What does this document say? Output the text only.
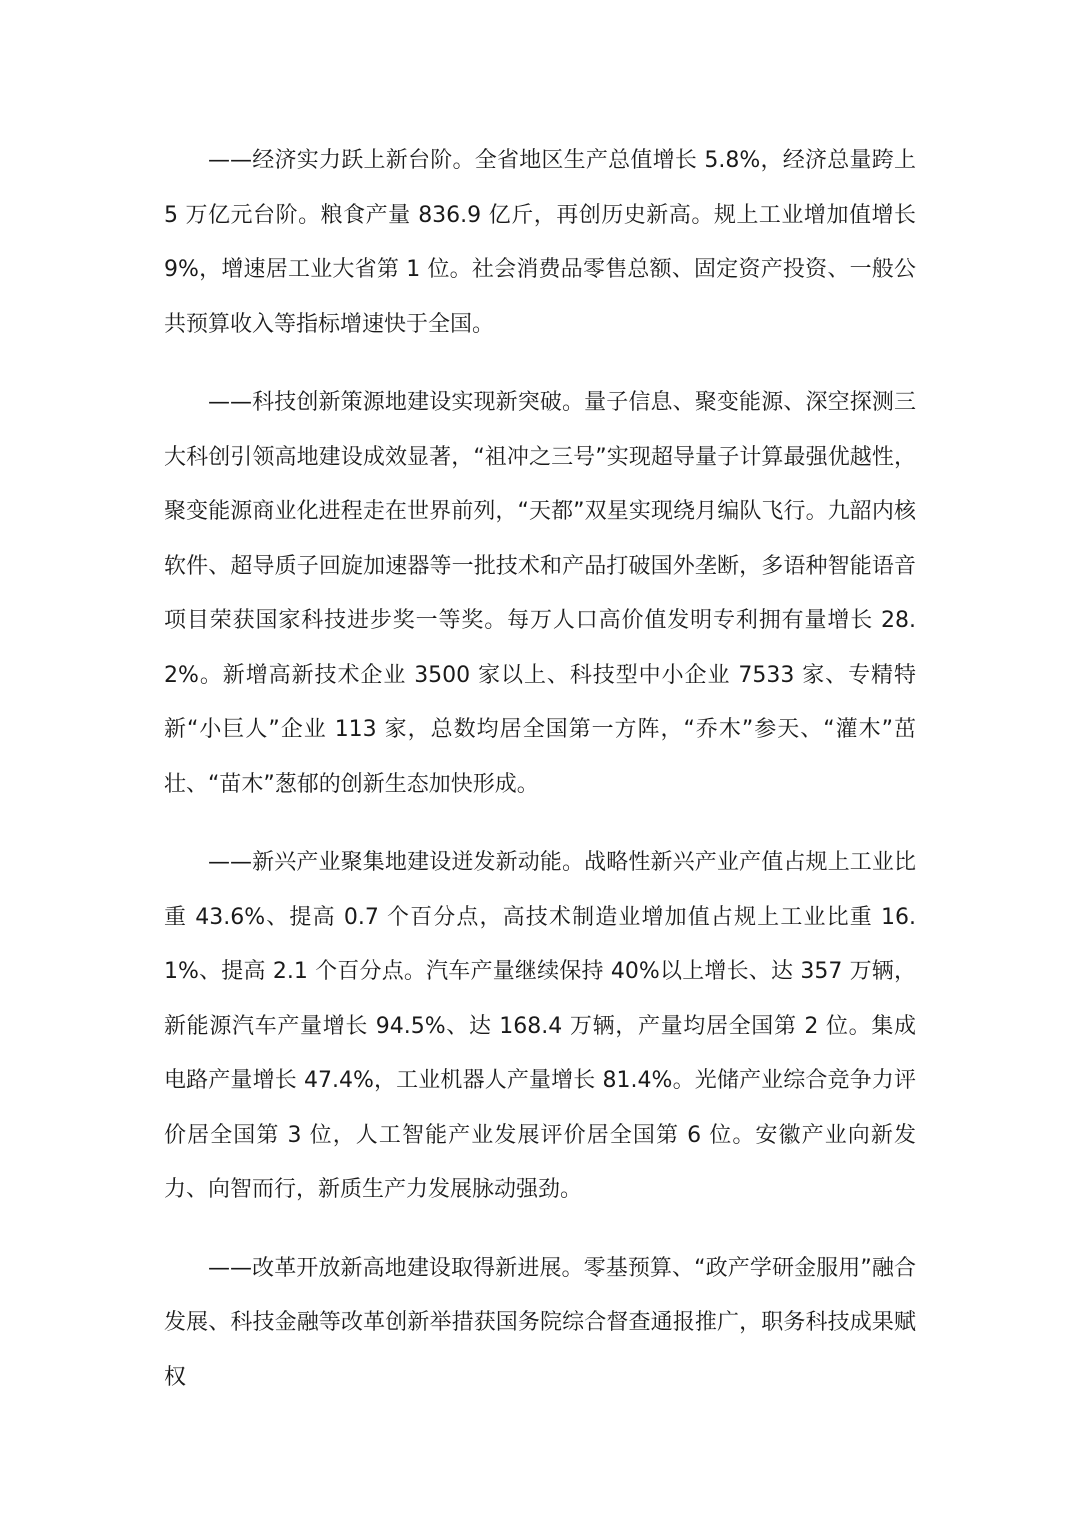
——经济实力跃上新台阶。全省地区生产总值增长 5.8%，经济总量跨上 5 万亿元台阶。粮食产量 836.9 亿斤，再创历史新高。规上工业增加值增长 9%，增速居工业大省第 1 位。社会消费品零售总额、固定资产投资、一般公共预算收入等指标增速快于全国。

——科技创新策源地建设实现新突破。量子信息、聚变能源、深空探测三大科创引领高地建设成效显著，“祖冲之三号”实现超导量子计算最强优越性，聚变能源商业化进程走在世界前列，“天都”双星实现绕月编队飞行。九韶内核软件、超导质子回旋加速器等一批技术和产品打破国外垄断，多语种智能语音项目荣获国家科技进步奖一等奖。每万人口高价值发明专利拥有量增长 28.2%。新增高新技术企业 3500 家以上、科技型中小企业 7533 家、专精特新“小巨人”企业 113 家，总数均居全国第一方阵，“乔木”参天、“灌木”茁壮、“苗木”葱郁的创新生态加快形成。

——新兴产业聚集地建设迸发新动能。战略性新兴产业产值占规上工业比重 43.6%、提高 0.7 个百分点，高技术制造业增加值占规上工业比重 16.1%、提高 2.1 个百分点。汽车产量继续保持 40%以上增长、达 357 万辆，新能源汽车产量增长 94.5%、达 168.4 万辆，产量均居全国第 2 位。集成电路产量增长 47.4%，工业机器人产量增长 81.4%。光储产业综合竞争力评价居全国第 3 位，人工智能产业发展评价居全国第 6 位。安徽产业向新发力、向智而行，新质生产力发展脉动强劲。

——改革开放新高地建设取得新进展。零基预算、“政产学研金服用”融合发展、科技金融等改革创新举措获国务院综合督查通报推广，职务科技成果赋权
